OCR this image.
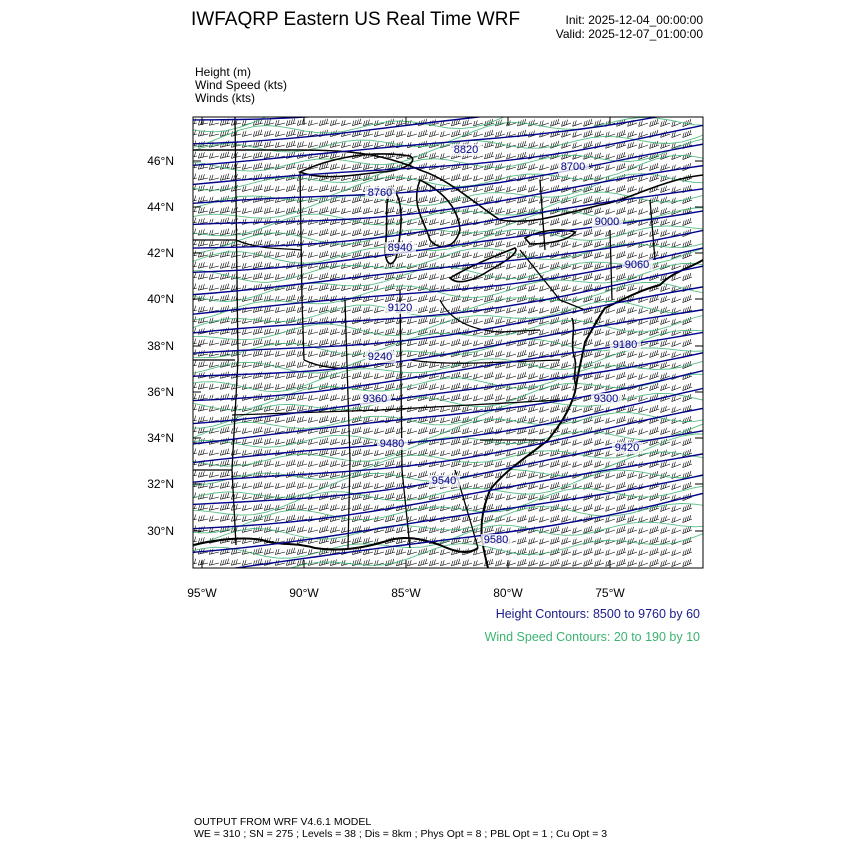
IWFAQRP Eastern US Real Time WRF	Init: 2025-12-04_00:00:00
Valid: 2025-12-07_01:00:00
Height (m)
Wind Speed (kts)
Winds (kts)
46°N
44°N
42°N
40°N
38°N
36°N
34°N
32°N
30°N
95°W	90°W	85°W	80°W	75°W
8820
8700
8760
9000
8940
9060
9120
9180
9240
9300
9360
9420
9480
9540
9580
Height Contours: 8500 to 9760 by 60
Wind Speed Contours: 20 to 190 by 10
OUTPUT FROM WRF V4.6.1 MODEL
WE = 310 ; SN = 275 ; Levels = 38 ; Dis = 8km ; Phys Opt = 8 ; PBL Opt = 1 ; Cu Opt = 3
